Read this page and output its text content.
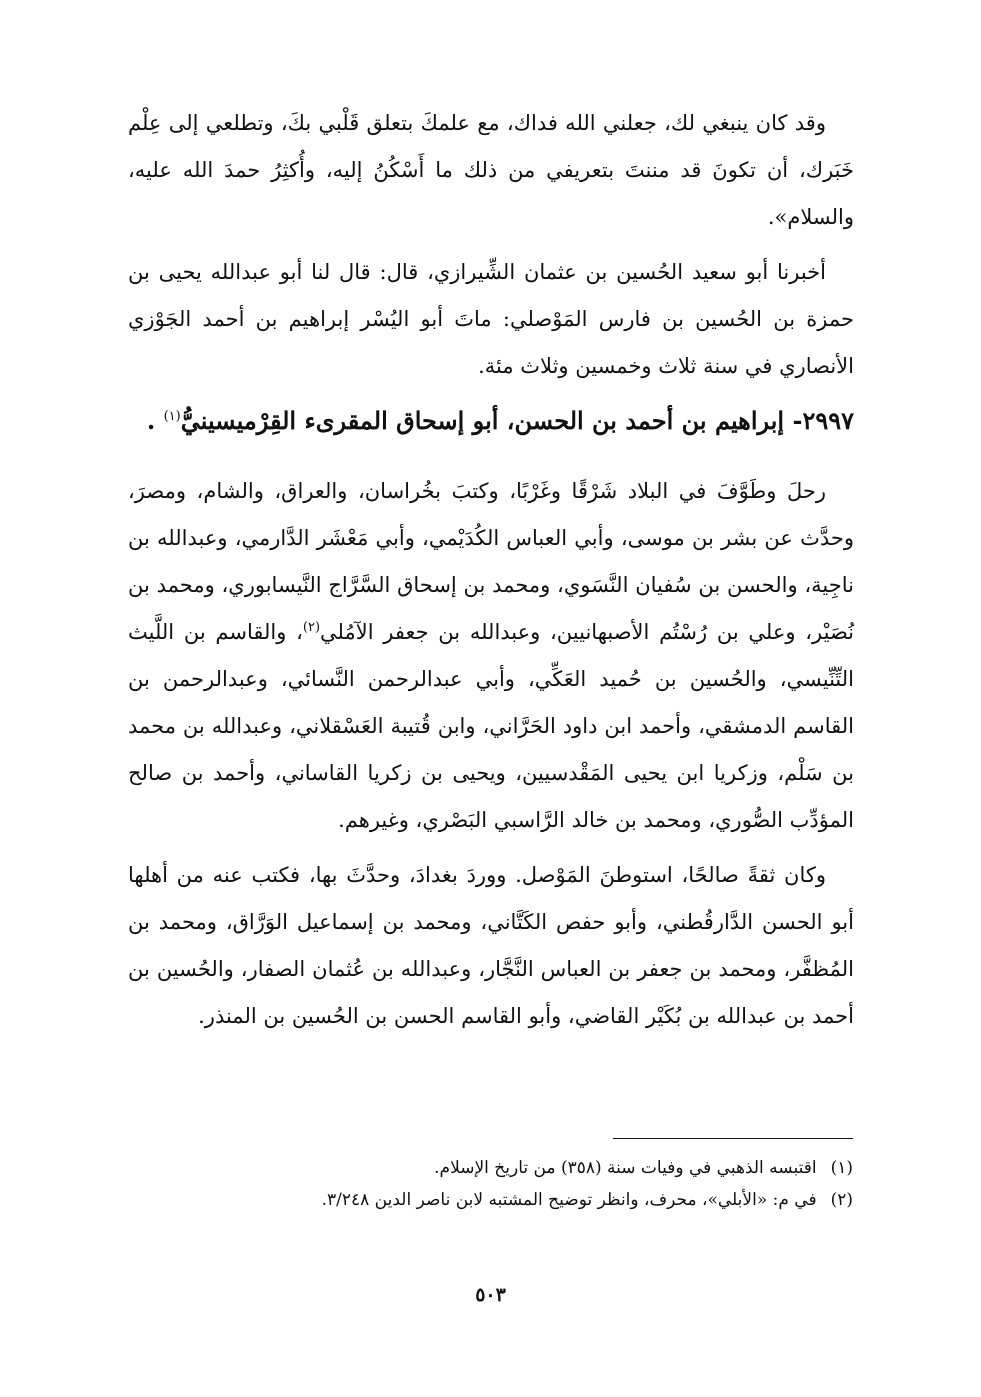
وقد كان ينبغي لك، جعلني الله فداك، مع علمكَ بتعلق قَلْبي بكَ، وتطلعي إلى عِلْم خَبَرك، أن تكونَ قد مننتَ بتعريفي من ذلك ما أَسْكُنُ إليه، وأُكثِرُ حمدَ الله عليه، والسلام».

أخبرنا أبو سعيد الحُسين بن عثمان الشِّيرازي، قال: قال لنا أبو عبدالله يحيى بن حمزة بن الحُسين بن فارس المَوْصلي: ماتَ أبو اليُسْر إبراهيم بن أحمد الجَوْزي الأنصاري في سنة ثلاث وخمسين وثلاث مئة.

٢٩٩٧- إبراهيم بن أحمد بن الحسن، أبو إسحاق المقرىء القِرْميسينيُّ$^{(١)}$ .

رحلَ وطَوَّفَ في البلاد شَرْقًا وغَرْبًا، وكتبَ بخُراسان، والعراق، والشام، ومصرَ، وحدَّث عن بشر بن موسى، وأبي العباس الكُدَيْمي، وأبي مَعْشَر الدَّارمي، وعبدالله بن ناجِية، والحسن بن سُفيان النَّسَوي، ومحمد بن إسحاق السَّرَّاج النَّيسابوري، ومحمد بن نُصَيْر، وعلي بن رُسْتُم الأصبهانيين، وعبدالله بن جعفر الآمُلي$^{(٢)}$، والقاسم بن اللَّيث التِّنِّيسي، والحُسين بن حُميد العَكِّي، وأبي عبدالرحمن النَّسائي، وعبدالرحمن بن القاسم الدمشقي، وأحمد ابن داود الحَرَّاني، وابن قُتيبة العَسْقلاني، وعبدالله بن محمد بن سَلْم، وزكريا ابن يحيى المَقْدسيين، ويحيى بن زكريا القاساني، وأحمد بن صالح المؤدِّب الصُّوري، ومحمد بن خالد الرَّاسبي البَصْري، وغيرهم.

وكان ثقةً صالحًا، استوطنَ المَوْصل. ووردَ بغدادَ، وحدَّثَ بها، فكتب عنه من أهلها أبو الحسن الدَّارقُطني، وأبو حفص الكَتَّاني، ومحمد بن إسماعيل الوَرَّاق، ومحمد بن المُظفَّر، ومحمد بن جعفر بن العباس النَّجَّار، وعبدالله بن عُثمان الصفار، والحُسين بن أحمد بن عبدالله بن بُكَيْر القاضي، وأبو القاسم الحسن بن الحُسين بن المنذر.

(١)
اقتبسه الذهبي في وفيات سنة (٣٥٨) من تاريخ الإسلام.
(٢)
في م: «الأبلي»، محرف، وانظر توضيح المشتبه لابن ناصر الدين ٣/٢٤٨.
٥٠٣
